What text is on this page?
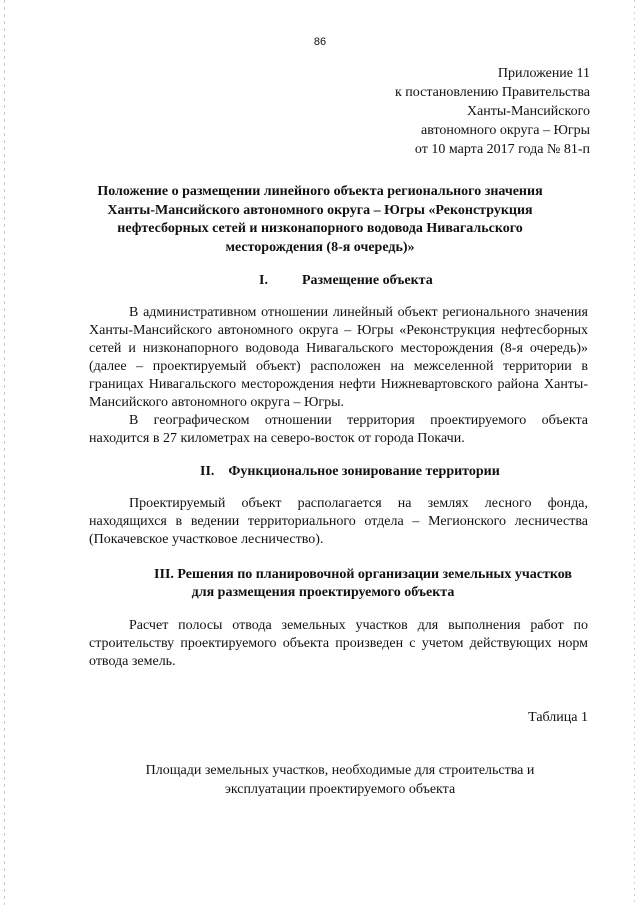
86
Приложение 11
к постановлению Правительства
Ханты-Мансийского
автономного округа – Югры
от 10 марта 2017 года № 81-п
Положение о размещении линейного объекта регионального значения Ханты-Мансийского автономного округа – Югры «Реконструкция нефтесборных сетей и низконапорного водовода Нивагальского месторождения (8-я очередь)»
I. Размещение объекта
В административном отношении линейный объект регионального значения Ханты-Мансийского автономного округа – Югры «Реконструкция нефтесборных сетей и низконапорного водовода Нивагальского месторождения (8-я очередь)» (далее – проектируемый объект) расположен на межселенной территории в границах Нивагальского месторождения нефти Нижневартовского района Ханты-Мансийского автономного округа – Югры.
В географическом отношении территория проектируемого объекта находится в 27 километрах на северо-восток от города Покачи.
II. Функциональное зонирование территории
Проектируемый объект располагается на землях лесного фонда, находящихся в ведении территориального отдела – Мегионского лесничества (Покачевское участковое лесничество).
III. Решения по планировочной организации земельных участков
для размещения проектируемого объекта
Расчет полосы отвода земельных участков для выполнения работ по строительству проектируемого объекта произведен с учетом действующих норм отвода земель.
Таблица 1
Площади земельных участков, необходимые для строительства и
эксплуатации проектируемого объекта
